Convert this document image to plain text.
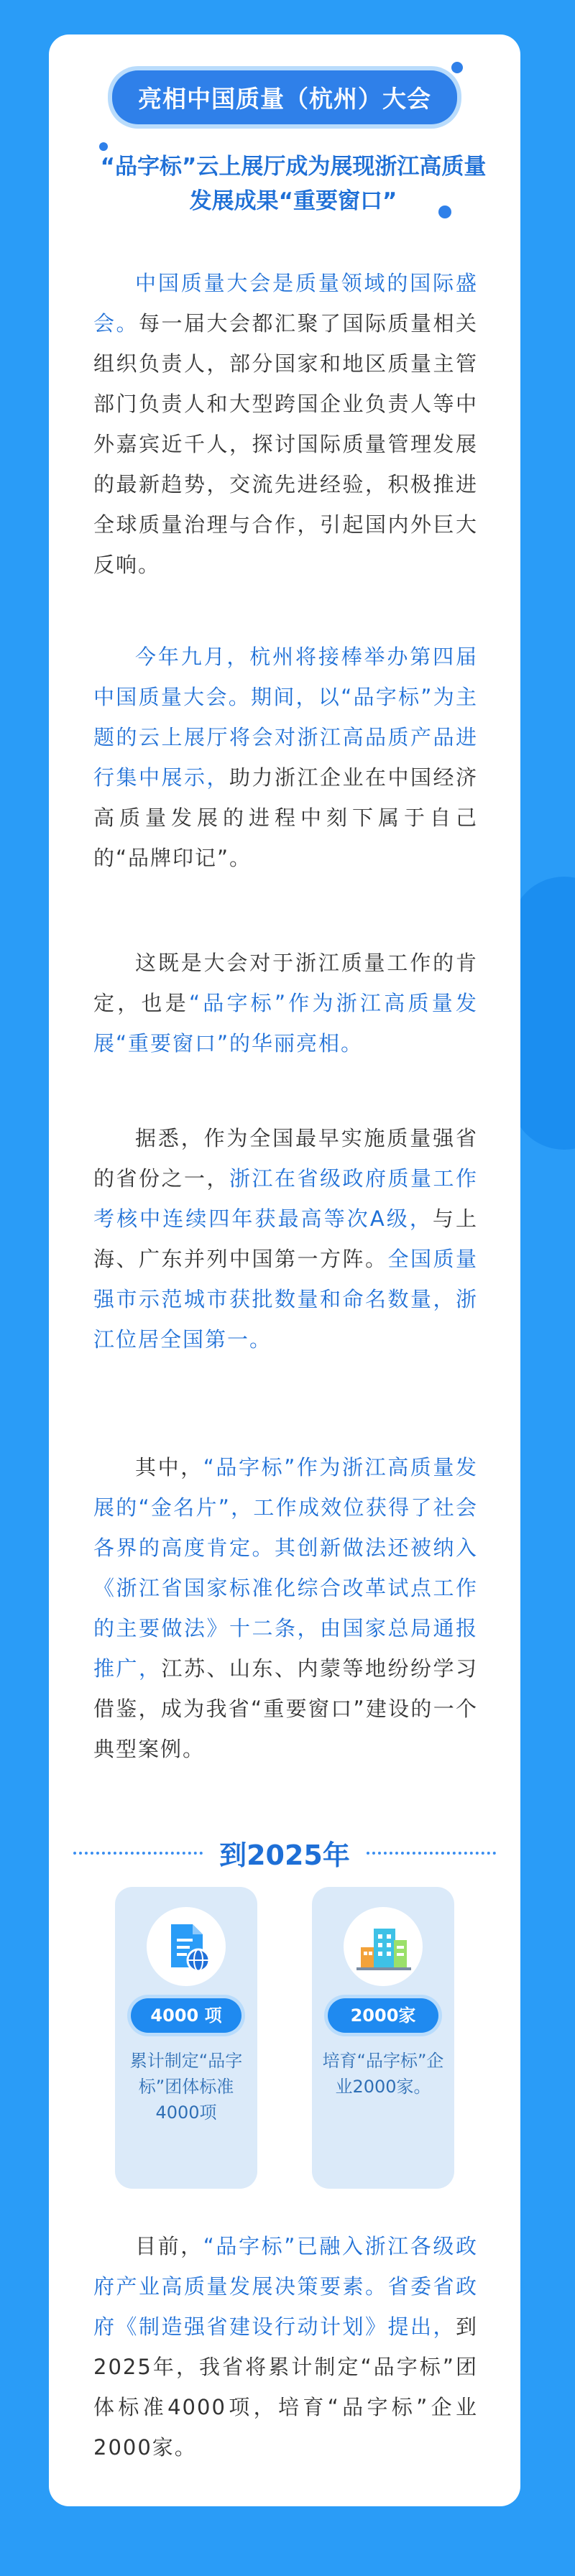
亮相中国质量（杭州）大会
“品字标”云上展厅成为展现浙江高质量发展成果“重要窗口”
中国质量大会是质量领域的国际盛会。每一届大会都汇聚了国际质量相关组织负责人，部分国家和地区质量主管部门负责人和大型跨国企业负责人等中外嘉宾近千人，探讨国际质量管理发展的最新趋势，交流先进经验，积极推进全球质量治理与合作，引起国内外巨大反响。
今年九月，杭州将接棒举办第四届中国质量大会。期间，以“品字标”为主题的云上展厅将会对浙江高品质产品进行集中展示，助力浙江企业在中国经济高质量发展的进程中刻下属于自己的“品牌印记”。
这既是大会对于浙江质量工作的肯定，也是“品字标”作为浙江高质量发展“重要窗口”的华丽亮相。
据悉，作为全国最早实施质量强省的省份之一，浙江在省级政府质量工作考核中连续四年获最高等次A级，与上海、广东并列中国第一方阵。全国质量强市示范城市获批数量和命名数量，浙江位居全国第一。
其中，“品字标”作为浙江高质量发展的“金名片”，工作成效位获得了社会各界的高度肯定。其创新做法还被纳入《浙江省国家标准化综合改革试点工作的主要做法》十二条，由国家总局通报推广，江苏、山东、内蒙等地纷纷学习借鉴，成为我省“重要窗口”建设的一个典型案例。
到2025年
4000 项
累计制定“品字标”团体标准4000项
2000家
培育“品字标”企业2000家。
目前，“品字标”已融入浙江各级政府产业高质量发展决策要素。省委省政府《制造强省建设行动计划》提出，到2025年，我省将累计制定“品字标”团体标准4000项，培育“品字标”企业2000家。
